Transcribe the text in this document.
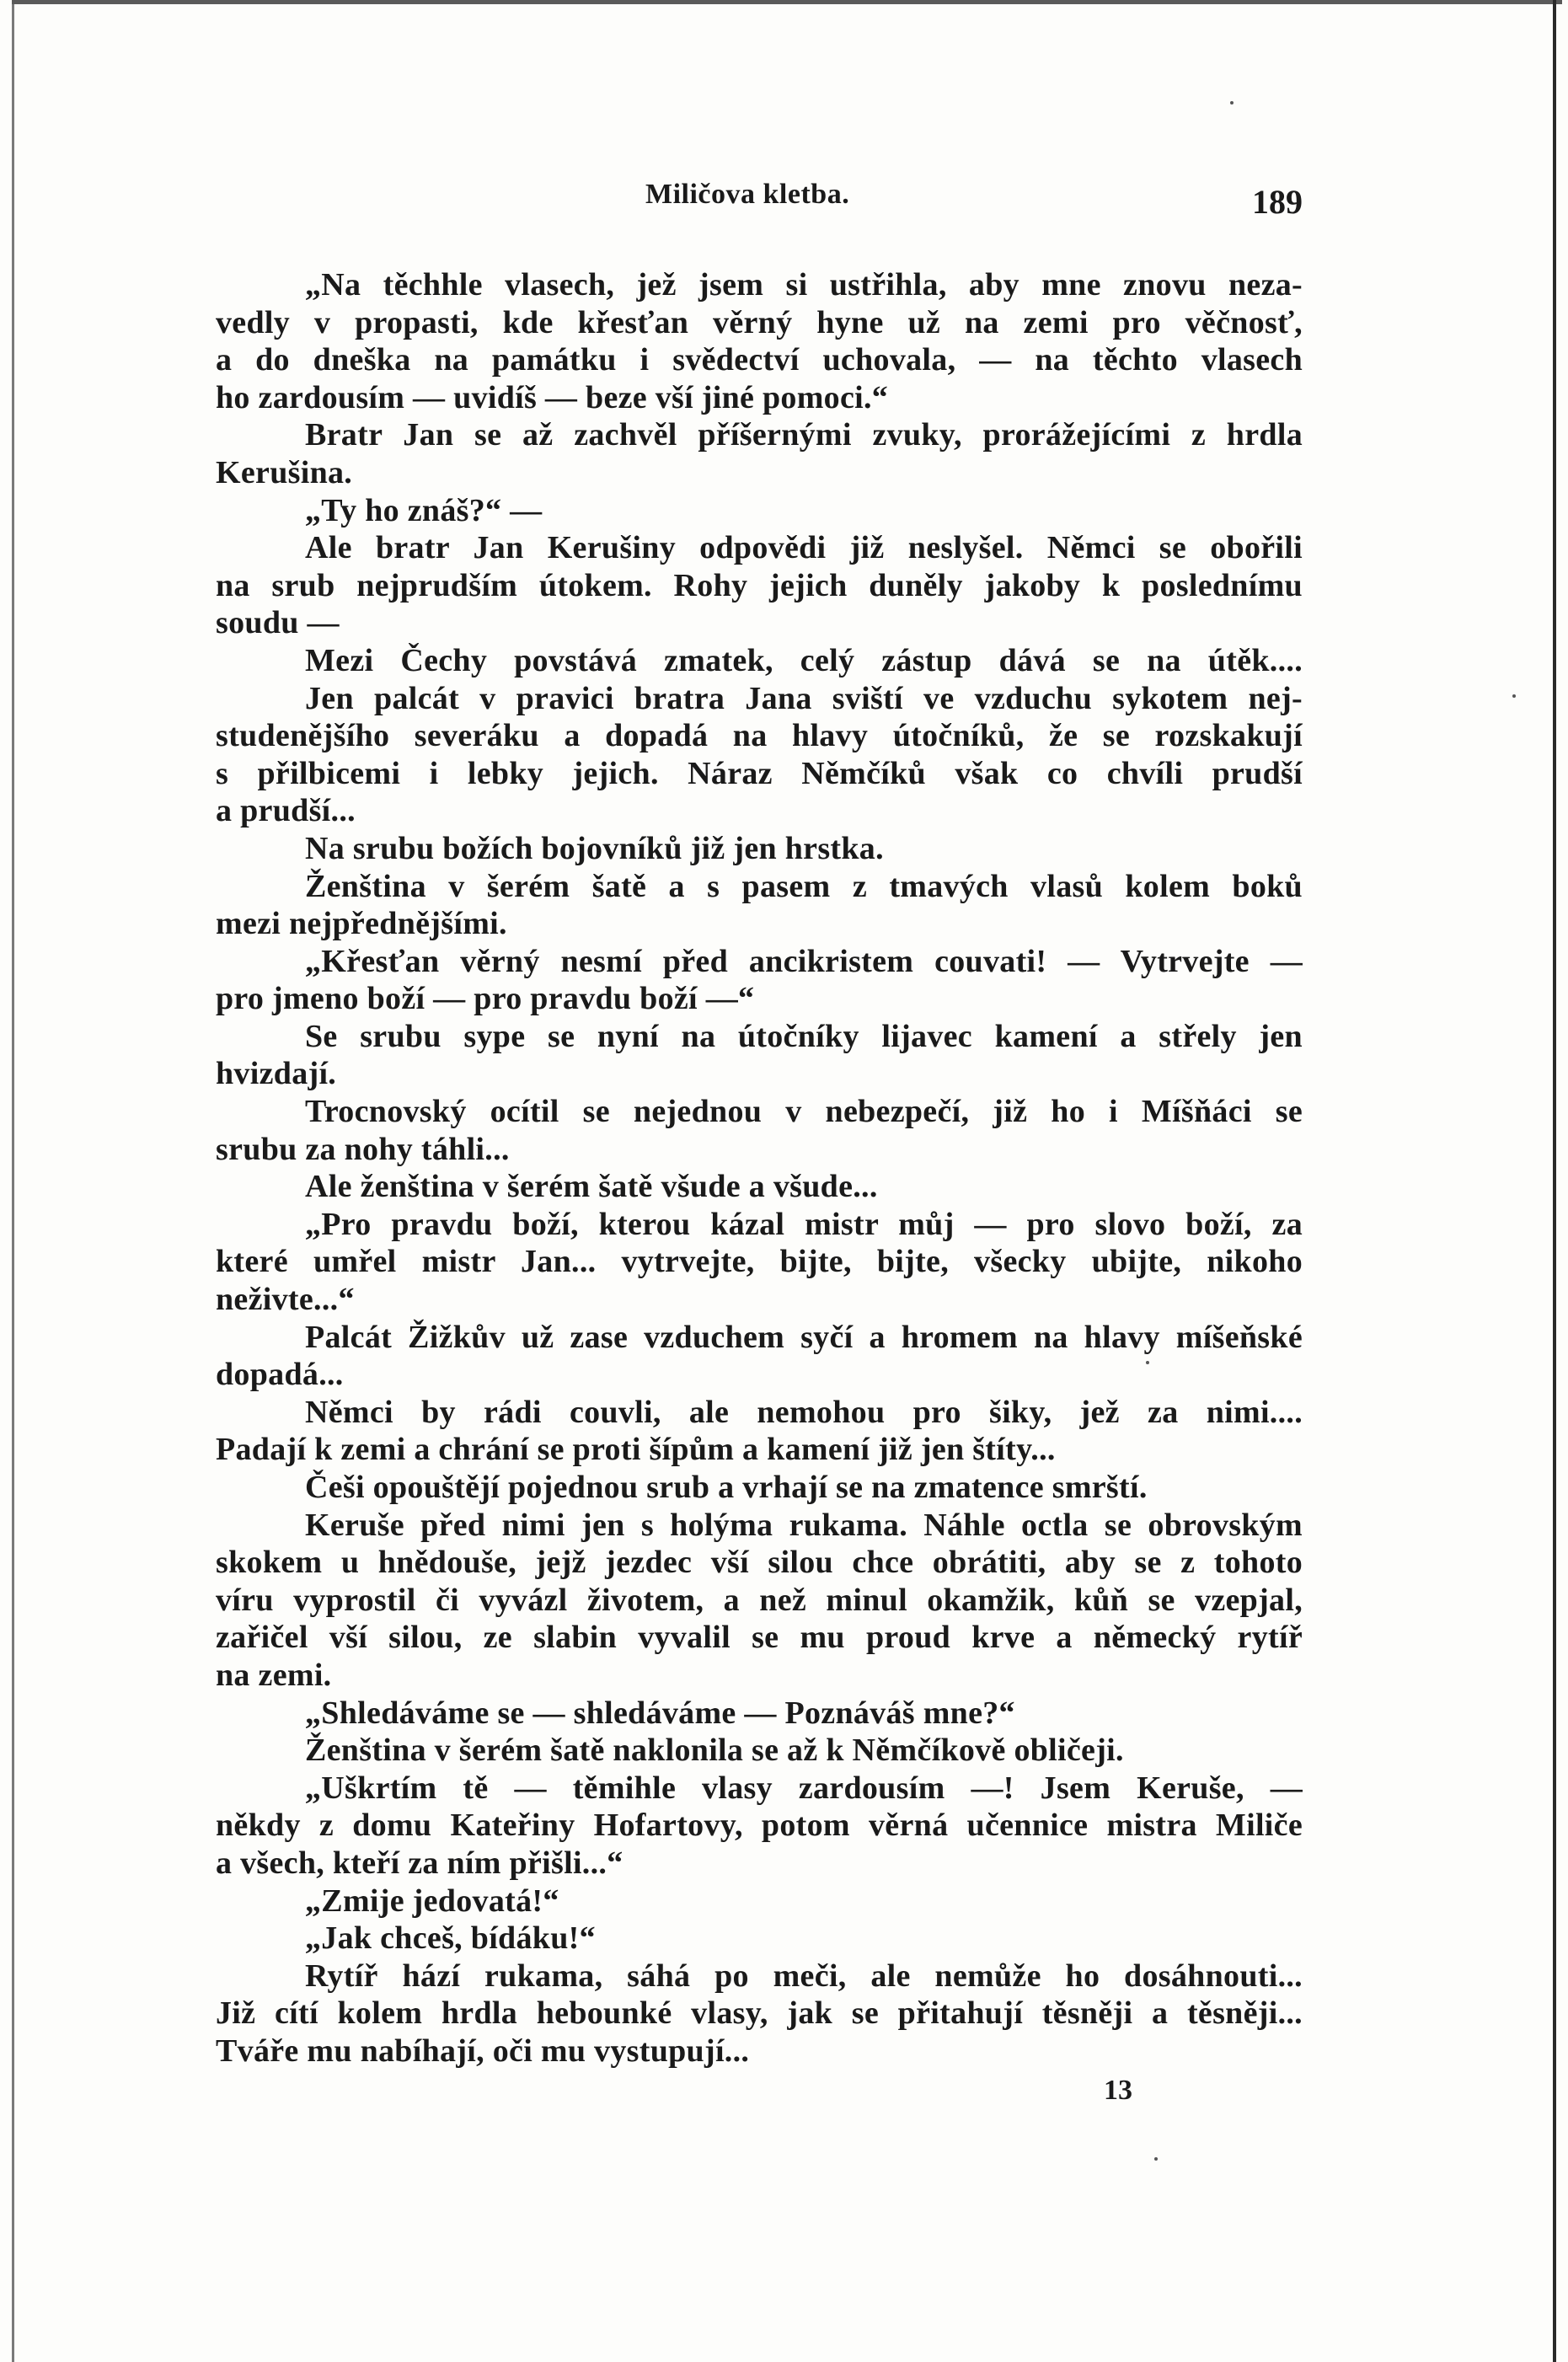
Miličova kletba.	189
„Na těchhle vlasech, jež jsem si ustřihla, aby mne znovu neza-
vedly v propasti, kde křesťan věrný hyne už na zemi pro věčnosť,
a do dneška na památku i svědectví uchovala, — na těchto vlasech
ho zardousím — uvidíš — beze vší jiné pomoci.“
Bratr Jan se až zachvěl příšernými zvuky, prorážejícími z hrdla
Kerušina.
„Ty ho znáš?“ —
Ale bratr Jan Kerušiny odpovědi již neslyšel. Němci se obořili
na srub nejprudším útokem. Rohy jejich duněly jakoby k poslednímu
soudu —
Mezi Čechy povstává zmatek, celý zástup dává se na útěk....
Jen palcát v pravici bratra Jana sviští ve vzduchu sykotem nej-
studenějšího severáku a dopadá na hlavy útočníků, že se rozskakují
s přilbicemi i lebky jejich. Náraz Němčíků však co chvíli prudší
a prudší...
Na srubu božích bojovníků již jen hrstka.
Ženština v šerém šatě a s pasem z tmavých vlasů kolem boků
mezi nejpřednějšími.
„Křesťan věrný nesmí před ancikristem couvati! — Vytrvejte —
pro jmeno boží — pro pravdu boží —“
Se srubu sype se nyní na útočníky lijavec kamení a střely jen
hvizdají.
Trocnovský ocítil se nejednou v nebezpečí, již ho i Míšňáci se
srubu za nohy táhli...
Ale ženština v šerém šatě všude a všude...
„Pro pravdu boží, kterou kázal mistr můj — pro slovo boží, za
které umřel mistr Jan... vytrvejte, bijte, bijte, všecky ubijte, nikoho
neživte...“
Palcát Žižkův už zase vzduchem syčí a hromem na hlavy míšeňské
dopadá...
Němci by rádi couvli, ale nemohou pro šiky, jež za nimi....
Padají k zemi a chrání se proti šípům a kamení již jen štíty...
Češi opouštějí pojednou srub a vrhají se na zmatence smrští.
Keruše před nimi jen s holýma rukama. Náhle octla se obrovským
skokem u hnědouše, jejž jezdec vší silou chce obrátiti, aby se z tohoto
víru vyprostil či vyvázl životem, a než minul okamžik, kůň se vzepjal,
zařičel vší silou, ze slabin vyvalil se mu proud krve a německý rytíř
na zemi.
„Shledáváme se — shledáváme — Poznáváš mne?“
Ženština v šerém šatě naklonila se až k Němčíkově obličeji.
„Uškrtím tě — těmihle vlasy zardousím —! Jsem Keruše, —
někdy z domu Kateřiny Hofartovy, potom věrná učennice mistra Miliče
a všech, kteří za ním přišli...“
„Zmije jedovatá!“
„Jak chceš, bídáku!“
Rytíř hází rukama, sáhá po meči, ale nemůže ho dosáhnouti...
Již cítí kolem hrdla hebounké vlasy, jak se přitahují těsněji a těsněji...
Tváře mu nabíhají, oči mu vystupují...
13
